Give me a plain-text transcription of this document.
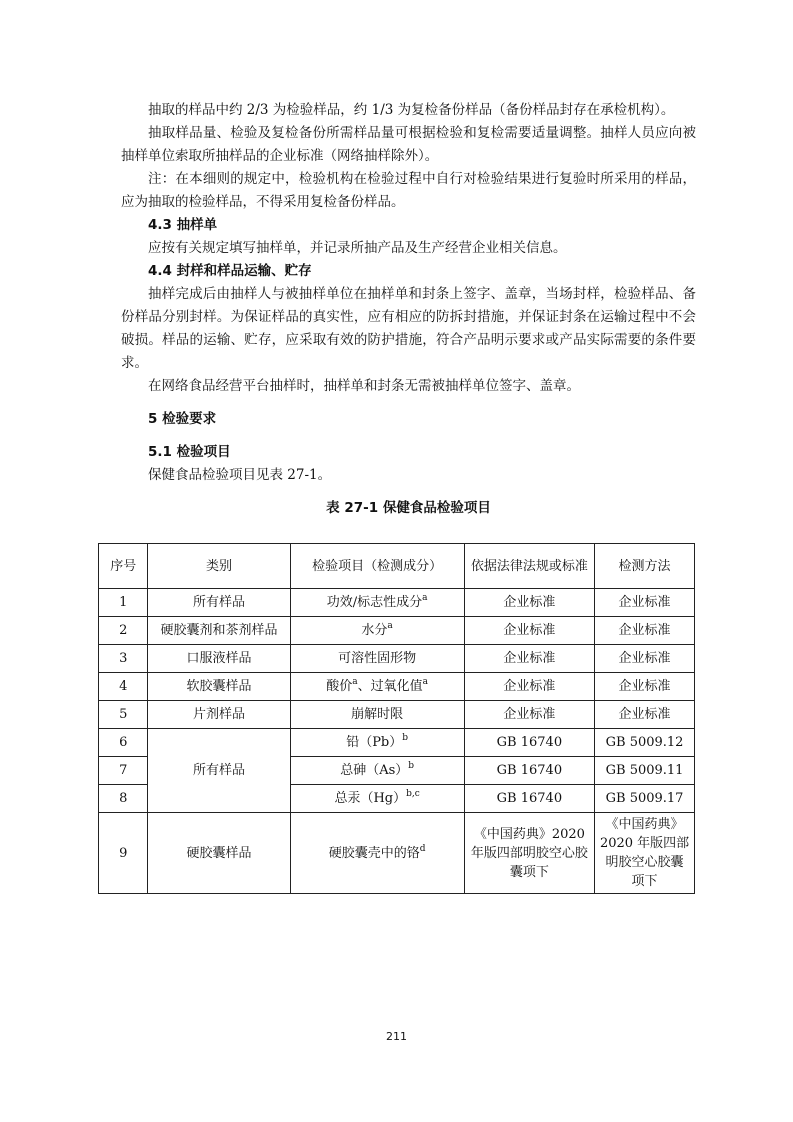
抽取的样品中约 2/3 为检验样品，约 1/3 为复检备份样品（备份样品封存在承检机构）。

抽取样品量、检验及复检备份所需样品量可根据检验和复检需要适量调整。抽样人员应向被抽样单位索取所抽样品的企业标准（网络抽样除外）。

注：在本细则的规定中，检验机构在检验过程中自行对检验结果进行复验时所采用的样品，应为抽取的检验样品，不得采用复检备份样品。

4.3 抽样单

应按有关规定填写抽样单，并记录所抽产品及生产经营企业相关信息。

4.4 封样和样品运输、贮存

抽样完成后由抽样人与被抽样单位在抽样单和封条上签字、盖章，当场封样，检验样品、备份样品分别封样。为保证样品的真实性，应有相应的防拆封措施，并保证封条在运输过程中不会破损。样品的运输、贮存，应采取有效的防护措施，符合产品明示要求或产品实际需要的条件要求。

在网络食品经营平台抽样时，抽样单和封条无需被抽样单位签字、盖章。

5 检验要求
5.1 检验项目

保健食品检验项目见表 27-1。

表 27-1 保健食品检验项目
序号	类别	检验项目（检测成分）	依据法律法规或标准	检测方法
1	所有样品	功效/标志性成分$^a$	企业标准	企业标准
2	硬胶囊剂和茶剂样品	水分$^a$	企业标准	企业标准
3	口服液样品	可溶性固形物	企业标准	企业标准
4	软胶囊样品	酸价$^a$、过氧化值$^a$	企业标准	企业标准
5	片剂样品	崩解时限	企业标准	企业标准
6	所有样品	铅$(Pb)^b$	GB 16740	GB 5009.12
7		总砷$(As)^b$	GB 16740	GB 5009.11
8		总汞$(Hg)^{b,c}$	GB 16740	GB 5009.17
9	硬胶囊样品	硬胶囊壳中的铬$^d$	《中国药典》2020 年版四部明胶空心胶囊项下	《中国药典》2020 年版四部明胶空心胶囊项下
211
